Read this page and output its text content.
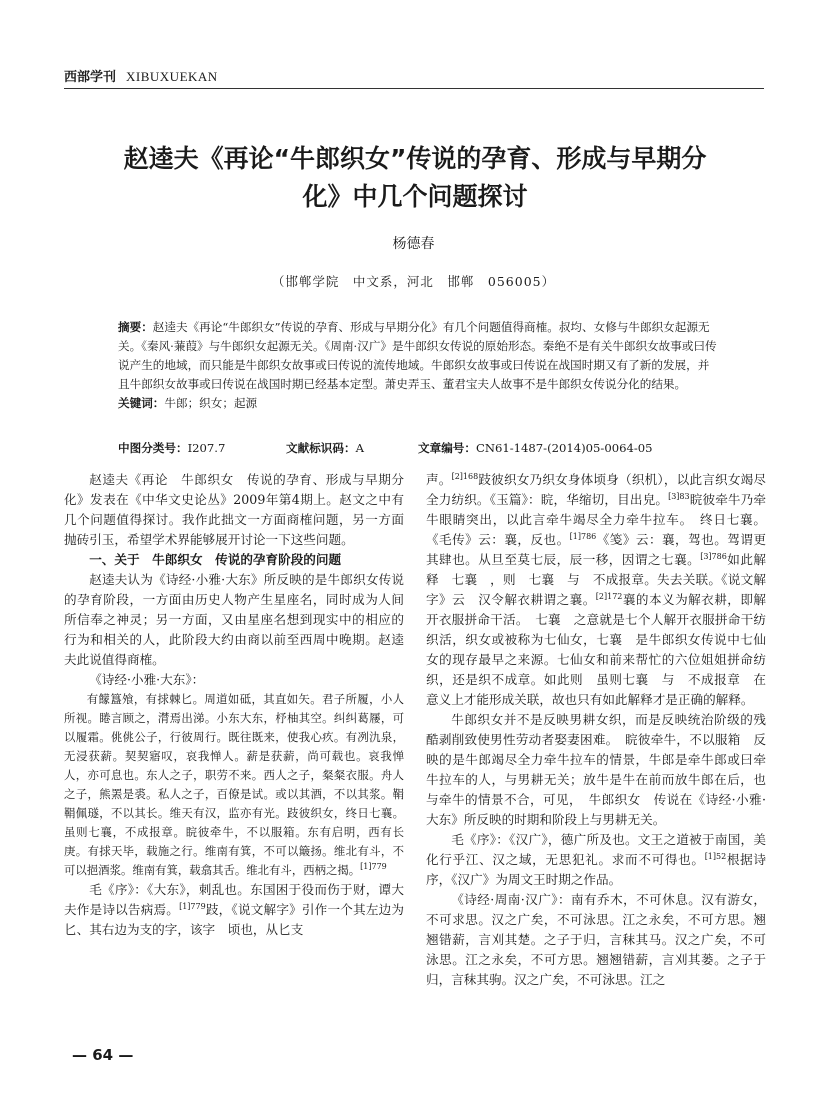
西部学刊 XIBUXUEKAN
赵逵夫《再论“牛郎织女”传说的孕育、形成与早期分化》中几个问题探讨
杨德春
（邯郸学院　中文系，河北　邯郸　056005）
摘要：赵逵夫《再论“牛郎织女”传说的孕育、形成与早期分化》有几个问题值得商榷。叔均、女修与牛郎织女起源无关。《秦风·蒹葭》与牛郎织女起源无关。《周南·汉广》是牛郎织女传说的原始形态。秦绝不是有关牛郎织女故事或曰传说产生的地域，而只能是牛郎织女故事或曰传说的流传地域。牛郎织女故事或曰传说在战国时期又有了新的发展，并且牛郎织女故事或曰传说在战国时期已经基本定型。萧史弄玉、董君宝夫人故事不是牛郎织女传说分化的结果。
关键词：牛郎；织女；起源
中图分类号：I207.7	文献标识码：A	文章编号：CN61-1487-(2014)05-0064-05

赵逵夫《再论　牛郎织女　传说的孕育、形成与早期分化》发表在《中华文史论丛》2009年第4期上。赵文之中有几个问题值得探讨。我作此拙文一方面商榷问题，另一方面抛砖引玉，希望学术界能够展开讨论一下这些问题。

一、关于　牛郎织女　传说的孕育阶段的问题

赵逵夫认为《诗经·小雅·大东》所反映的是牛郎织女传说的孕育阶段，一方面由历史人物产生星座名，同时成为人间所信奉之神灵；另一方面，又由星座名想到现实中的相应的行为和相关的人，此阶段大约由商以前至西周中晚期。赵逵夫此说值得商榷。

《诗经·小雅·大东》：

有饛簋飧，有捄棘匕。周道如砥，其直如矢。君子所履，小人所视。睠言顾之，潸焉出涕。小东大东，杼柚其空。纠纠葛屦，可以履霜。佻佻公子，行彼周行。既往既来，使我心疚。有冽氿泉，无浸获薪。契契寤叹，哀我惮人。薪是获薪，尚可载也。哀我惮人，亦可息也。东人之子，职劳不来。西人之子，粲粲衣服。舟人之子，熊罴是裘。私人之子，百僚是试。或以其酒，不以其浆。鞙鞙佩璲，不以其长。维天有汉，监亦有光。跂彼织女，终日七襄。虽则七襄，不成报章。睆彼牵牛，不以服箱。东有启明，西有长庚。有捄天毕，载施之行。维南有箕，不可以簸扬。维北有斗，不可以挹酒浆。维南有箕，载翕其舌。维北有斗，西柄之揭。$^{[1]779}$

毛《序》：《大东》，刺乱也。东国困于役而伤于财，谭大夫作是诗以告病焉。$^{[1]779}$跂，《说文解字》引作一个其左边为匕、其右边为支的字，该字　顷也，从匕支

声。$^{[2]168}$跂彼织女乃织女身体顷身（织机），以此言织女竭尽全力纺织。《玉篇》：睆，华缩切，目出皃。$^{[3]83}$睆彼牵牛乃牵牛眼睛突出，以此言牵牛竭尽全力牵牛拉车。　终日七襄。《毛传》云：襄，反也。$^{[1]786}$《笺》云：襄，驾也。驾谓更其肆也。从旦至莫七辰，辰一移，因谓之七襄。$^{[3]786}$如此解释　七襄　，则　七襄　与　不成报章。失去关联。《说文解字》云　汉令解衣耕谓之襄。$^{[2]172}$襄的本义为解衣耕，即解开衣服拼命干活。　七襄　之意就是七个人解开衣服拼命干纺织活，织女或被称为七仙女，七襄　是牛郎织女传说中七仙女的现存最早之来源。七仙女和前来帮忙的六位姐姐拼命纺织，还是织不成章。如此则　虽则七襄　与　不成报章　在意义上才能形成关联，故也只有如此解释才是正确的解释。

牛郎织女并不是反映男耕女织，而是反映统治阶级的残酷剥削致使男性劳动者娶妻困难。　睆彼牵牛，不以服箱　反映的是牛郎竭尽全力牵牛拉车的情景，牛郎是牵牛郎或曰牵牛拉车的人，与男耕无关；放牛是牛在前而放牛郎在后，也与牵牛的情景不合，可见，　牛郎织女　传说在《诗经·小雅·大东》所反映的时期和阶段上与男耕无关。

毛《序》：《汉广》，德广所及也。文王之道被于南国，美化行乎江、汉之域，无思犯礼。求而不可得也。$^{[1]52}$根据诗序，《汉广》为周文王时期之作品。

《诗经·周南·汉广》：南有乔木，不可休息。汉有游女，不可求思。汉之广矣，不可泳思。江之永矣，不可方思。翘翘错薪，言刈其楚。之子于归，言秣其马。汉之广矣，不可泳思。江之永矣，不可方思。翘翘错薪，言刈其蒌。之子于归，言秣其驹。汉之广矣，不可泳思。江之

— 64 —
